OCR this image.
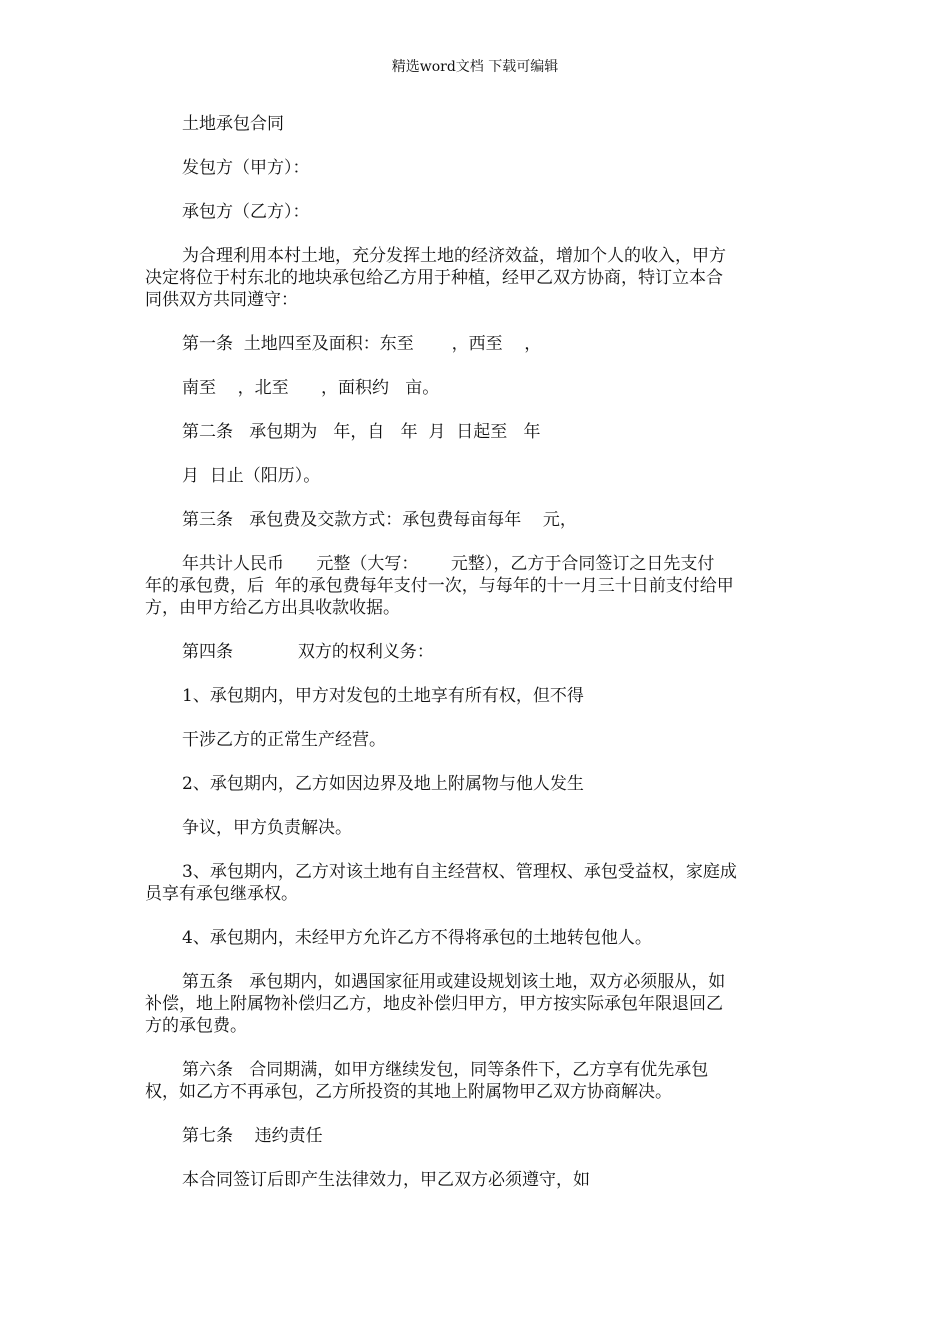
精选word文档 下载可编辑
土地承包合同
发包方（甲方）：
承包方（乙方）：
为合理利用本村土地，充分发挥土地的经济效益，增加个人的收入，甲方
决定将位于村东北的地块承包给乙方用于种植，经甲乙双方协商，特订立本合
同供双方共同遵守：
第一条  土地四至及面积：东至       ，西至    ，
南至    ，北至      ，面积约   亩。
第二条   承包期为   年，自   年  月  日起至   年
月  日止（阳历）。
第三条   承包费及交款方式：承包费每亩每年    元，
年共计人民币      元整（大写：      元整），乙方于合同签订之日先支付
年的承包费，后  年的承包费每年支付一次，与每年的十一月三十日前支付给甲
方，由甲方给乙方出具收款收据。
第四条            双方的权利义务：
1、承包期内，甲方对发包的土地享有所有权，但不得
干涉乙方的正常生产经营。
2、承包期内，乙方如因边界及地上附属物与他人发生
争议，甲方负责解决。
3、承包期内，乙方对该土地有自主经营权、管理权、承包受益权，家庭成
员享有承包继承权。
4、承包期内，未经甲方允许乙方不得将承包的土地转包他人。
第五条   承包期内，如遇国家征用或建设规划该土地，双方必须服从，如
补偿，地上附属物补偿归乙方，地皮补偿归甲方，甲方按实际承包年限退回乙
方的承包费。
第六条   合同期满，如甲方继续发包，同等条件下，乙方享有优先承包
权，如乙方不再承包，乙方所投资的其地上附属物甲乙双方协商解决。
第七条    违约责任
本合同签订后即产生法律效力，甲乙双方必须遵守，如
